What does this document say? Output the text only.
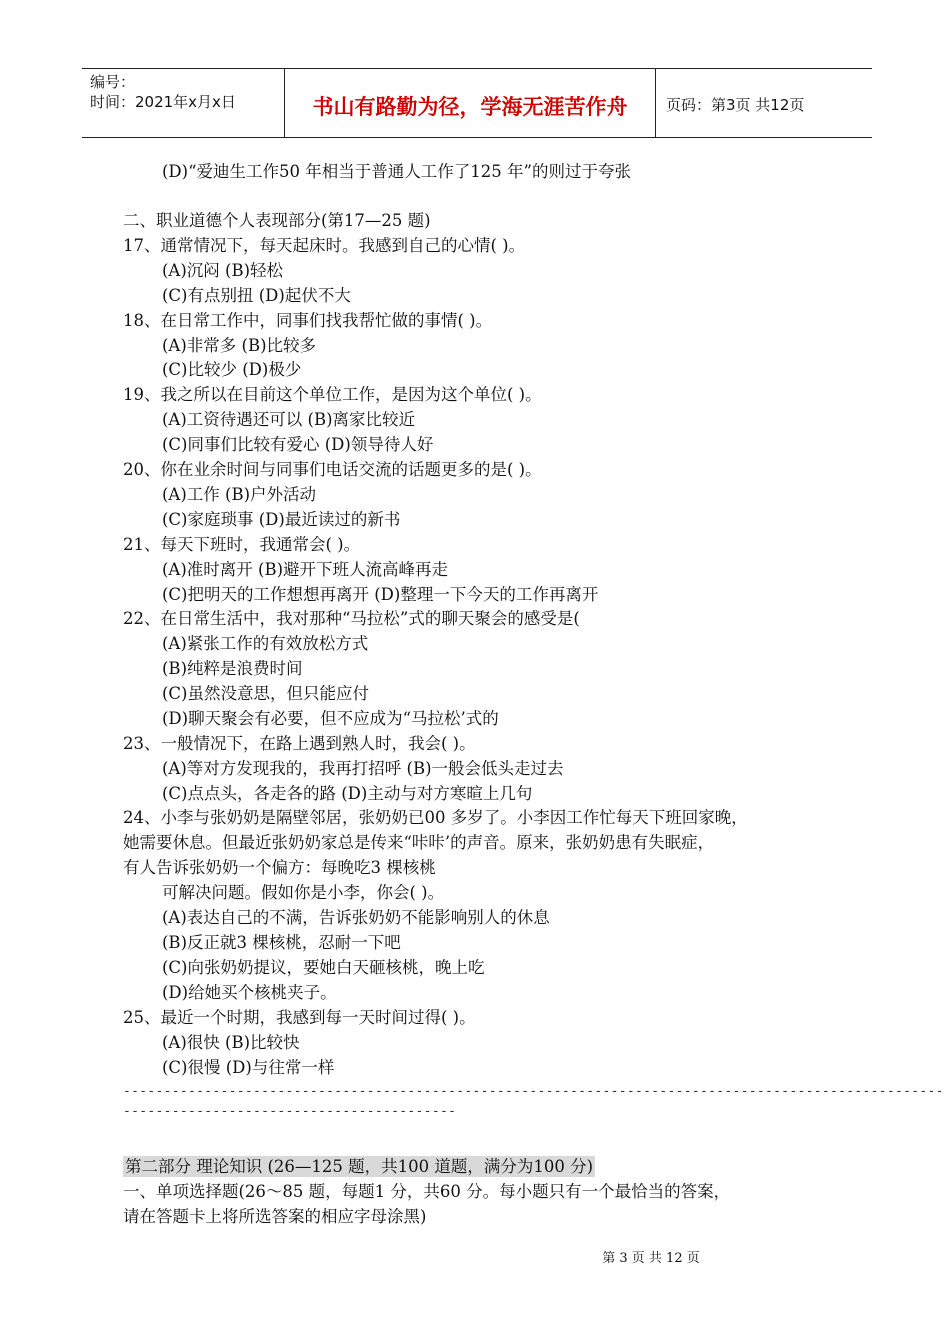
编号：
时间：2021年x月x日	书山有路勤为径，学海无涯苦作舟	页码：第3页 共12页
(D)“爱迪生工作50 年相当于普通人工作了125 年”的则过于夸张
二、职业道德个人表现部分(第17—25 题)
17、通常情况下，每天起床时。我感到自己的心情( )。
(A)沉闷 (B)轻松
(C)有点别扭 (D)起伏不大
18、在日常工作中，同事们找我帮忙做的事情( )。
(A)非常多 (B)比较多
(C)比较少 (D)极少
19、我之所以在目前这个单位工作，是因为这个单位( )。
(A)工资待遇还可以 (B)离家比较近
(C)同事们比较有爱心 (D)领导待人好
20、你在业余时间与同事们电话交流的话题更多的是( )。
(A)工作 (B)户外活动
(C)家庭琐事 (D)最近读过的新书
21、每天下班时，我通常会( )。
(A)准时离开 (B)避开下班人流高峰再走
(C)把明天的工作想想再离开 (D)整理一下今天的工作再离开
22、在日常生活中，我对那种“马拉松”式的聊天聚会的感受是(
(A)紧张工作的有效放松方式
(B)纯粹是浪费时间
(C)虽然没意思，但只能应付
(D)聊天聚会有必要，但不应成为“马拉松’式的
23、一般情况下，在路上遇到熟人时，我会( )。
(A)等对方发现我的，我再打招呼 (B)一般会低头走过去
(C)点点头，各走各的路 (D)主动与对方寒暄上几句
24、小李与张奶奶是隔壁邻居，张奶奶已00 多岁了。小李因工作忙每天下班回家晚，
她需要休息。但最近张奶奶家总是传来“咔咔’的声音。原来，张奶奶患有失眠症，
有人告诉张奶奶一个偏方：每晚吃3 棵核桃
可解决问题。假如你是小李，你会( )。
(A)表达自己的不满，告诉张奶奶不能影响别人的休息
(B)反正就3 棵核桃，忍耐一下吧
(C)向张奶奶提议，要她白天砸核桃，晚上吃
(D)给她买个核桃夹子。
25、最近一个时期，我感到每一天时间过得( )。
(A)很快 (B)比较快
(C)很慢 (D)与往常一样
-----------------------------------------------------------------------------------------------------
-----------------------------------------
第二部分 理论知识 (26—125 题，共100 道题，满分为100 分)
一、单项选择题(26～85 题，每题1 分，共60 分。每小题只有一个最恰当的答案，
请在答题卡上将所选答案的相应字母涂黑)
第 3 页 共 12 页
